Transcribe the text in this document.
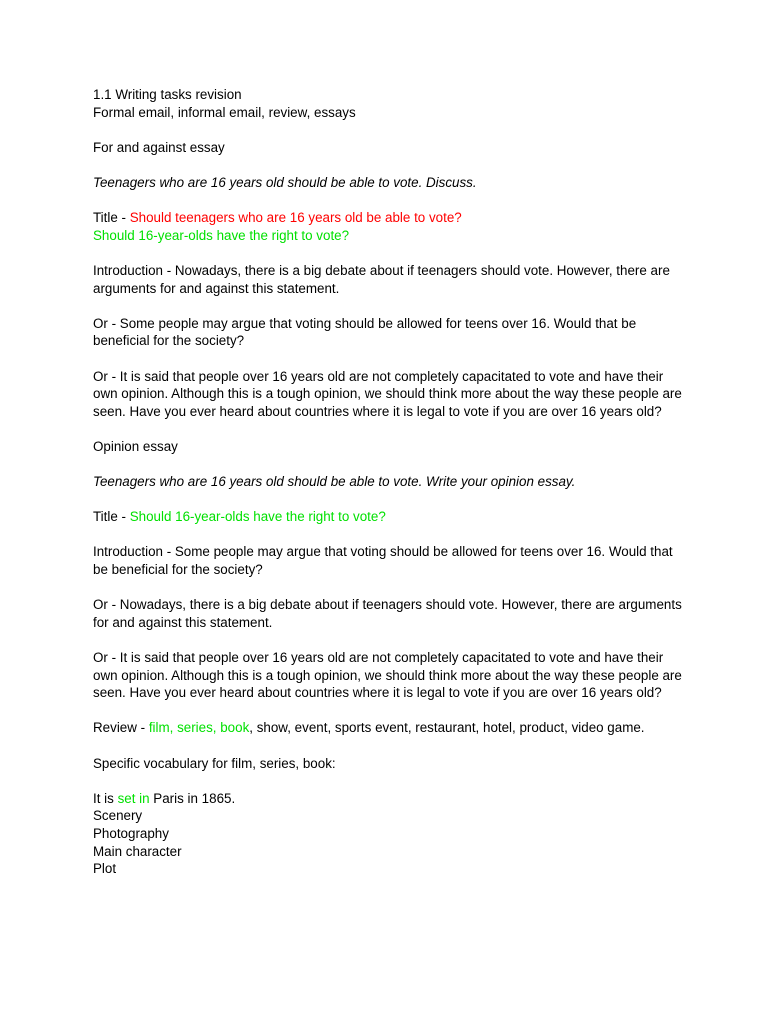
1.1 Writing tasks revision

Formal email, informal email, review, essays

For and against essay

Teenagers who are 16 years old should be able to vote. Discuss.

Title - Should teenagers who are 16 years old be able to vote?

Should 16-year-olds have the right to vote?

Introduction - Nowadays, there is a big debate about if teenagers should vote. However, there are arguments for and against this statement.

Or - Some people may argue that voting should be allowed for teens over 16. Would that be beneficial for the society?

Or - It is said that people over 16 years old are not completely capacitated to vote and have their own opinion. Although this is a tough opinion, we should think more about the way these people are seen. Have you ever heard about countries where it is legal to vote if you are over 16 years old?

Opinion essay

Teenagers who are 16 years old should be able to vote. Write your opinion essay.

Title - Should 16-year-olds have the right to vote?

Introduction - Some people may argue that voting should be allowed for teens over 16. Would that be beneficial for the society?

Or - Nowadays, there is a big debate about if teenagers should vote. However, there are arguments for and against this statement.

Or - It is said that people over 16 years old are not completely capacitated to vote and have their own opinion. Although this is a tough opinion, we should think more about the way these people are seen. Have you ever heard about countries where it is legal to vote if you are over 16 years old?

Review - film, series, book, show, event, sports event, restaurant, hotel, product, video game.

Specific vocabulary for film, series, book:

It is set in Paris in 1865.

Scenery

Photography

Main character

Plot
